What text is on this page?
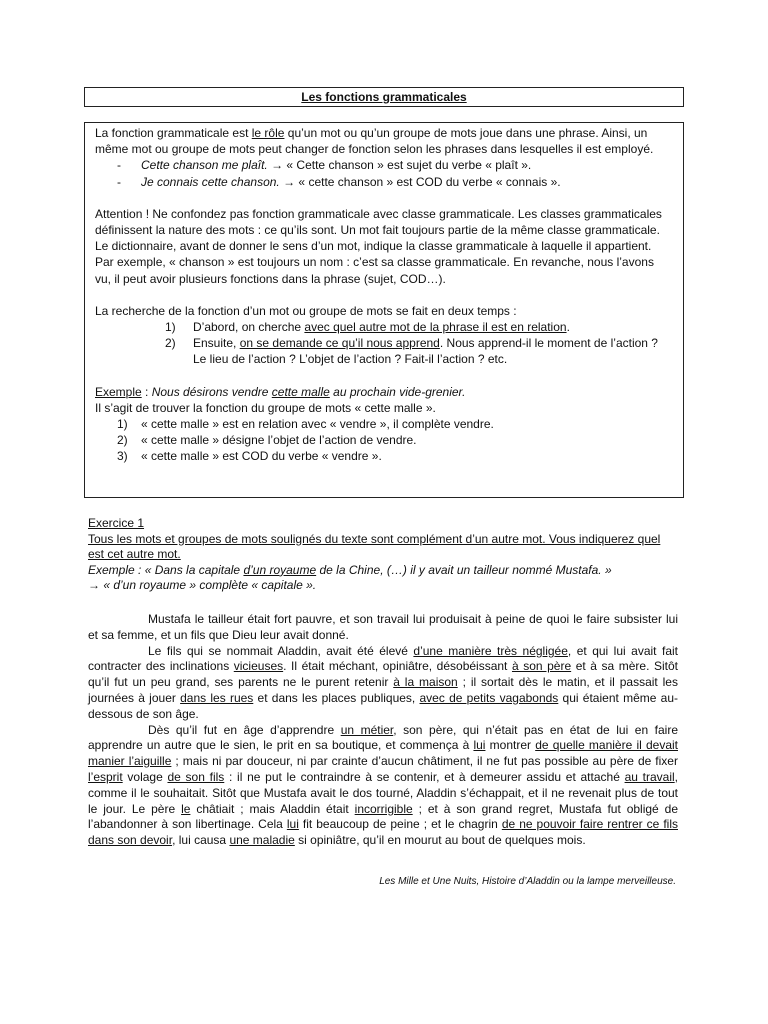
Les fonctions grammaticales

La fonction grammaticale est le rôle qu’un mot ou qu’un groupe de mots joue dans une phrase. Ainsi, un même mot ou groupe de mots peut changer de fonction selon les phrases dans lesquelles il est employé.

- Cette chanson me plaît. → « Cette chanson » est sujet du verbe « plaît ».
- Je connais cette chanson. → « cette chanson » est COD du verbe « connais ».

Attention ! Ne confondez pas fonction grammaticale avec classe grammaticale. Les classes grammaticales définissent la nature des mots : ce qu’ils sont. Un mot fait toujours partie de la même classe grammaticale. Le dictionnaire, avant de donner le sens d’un mot, indique la classe grammaticale à laquelle il appartient. Par exemple, « chanson » est toujours un nom : c’est sa classe grammaticale. En revanche, nous l’avons vu, il peut avoir plusieurs fonctions dans la phrase (sujet, COD…).

La recherche de la fonction d’un mot ou groupe de mots se fait en deux temps :

1) D’abord, on cherche avec quel autre mot de la phrase il est en relation.
2) Ensuite, on se demande ce qu’il nous apprend. Nous apprend-il le moment de l’action ? Le lieu de l’action ? L’objet de l’action ? Fait-il l’action ? etc.

Exemple : Nous désirons vendre cette malle au prochain vide-grenier.

Il s’agit de trouver la fonction du groupe de mots « cette malle ».

1) « cette malle » est en relation avec « vendre », il complète vendre.
2) « cette malle » désigne l’objet de l’action de vendre.
3) « cette malle » est COD du verbe « vendre ».

Exercice 1

Tous les mots et groupes de mots soulignés du texte sont complément d’un autre mot. Vous indiquerez quel est cet autre mot.

Exemple : « Dans la capitale d’un royaume de la Chine, (…) il y avait un tailleur nommé Mustafa. »

→ « d’un royaume » complète « capitale ».

Mustafa le tailleur était fort pauvre, et son travail lui produisait à peine de quoi le faire subsister lui et sa femme, et un fils que Dieu leur avait donné.

Le fils qui se nommait Aladdin, avait été élevé d’une manière très négligée, et qui lui avait fait contracter des inclinations vicieuses. Il était méchant, opiniâtre, désobéissant à son père et à sa mère. Sitôt qu’il fut un peu grand, ses parents ne le purent retenir à la maison ; il sortait dès le matin, et il passait les journées à jouer dans les rues et dans les places publiques, avec de petits vagabonds qui étaient même au-dessous de son âge.

Dès qu’il fut en âge d’apprendre un métier, son père, qui n’était pas en état de lui en faire apprendre un autre que le sien, le prit en sa boutique, et commença à lui montrer de quelle manière il devait manier l’aiguille ; mais ni par douceur, ni par crainte d’aucun châtiment, il ne fut pas possible au père de fixer l’esprit volage de son fils : il ne put le contraindre à se contenir, et à demeurer assidu et attaché au travail, comme il le souhaitait. Sitôt que Mustafa avait le dos tourné, Aladdin s’échappait, et il ne revenait plus de tout le jour. Le père le châtiait ; mais Aladdin était incorrigible ; et à son grand regret, Mustafa fut obligé de l’abandonner à son libertinage. Cela lui fit beaucoup de peine ; et le chagrin de ne pouvoir faire rentrer ce fils dans son devoir, lui causa une maladie si opiniâtre, qu’il en mourut au bout de quelques mois.

Les Mille et Une Nuits, Histoire d’Aladdin ou la lampe merveilleuse.
